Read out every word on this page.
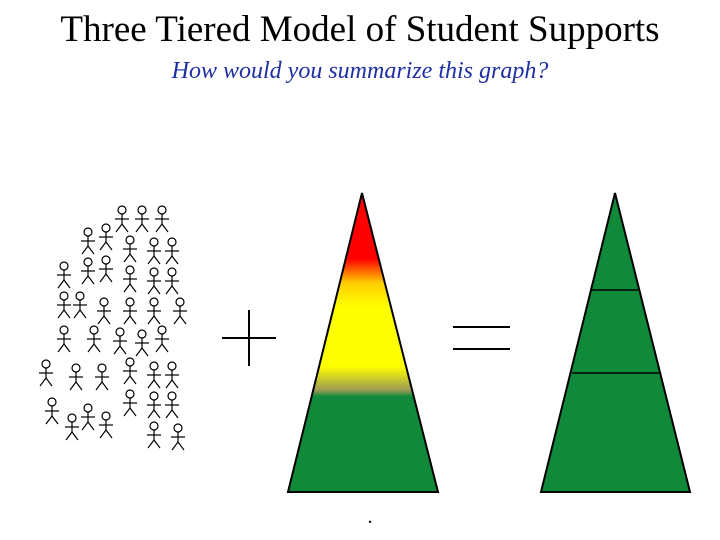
Three Tiered Model of Student Supports
How would you summarize this graph?
.
